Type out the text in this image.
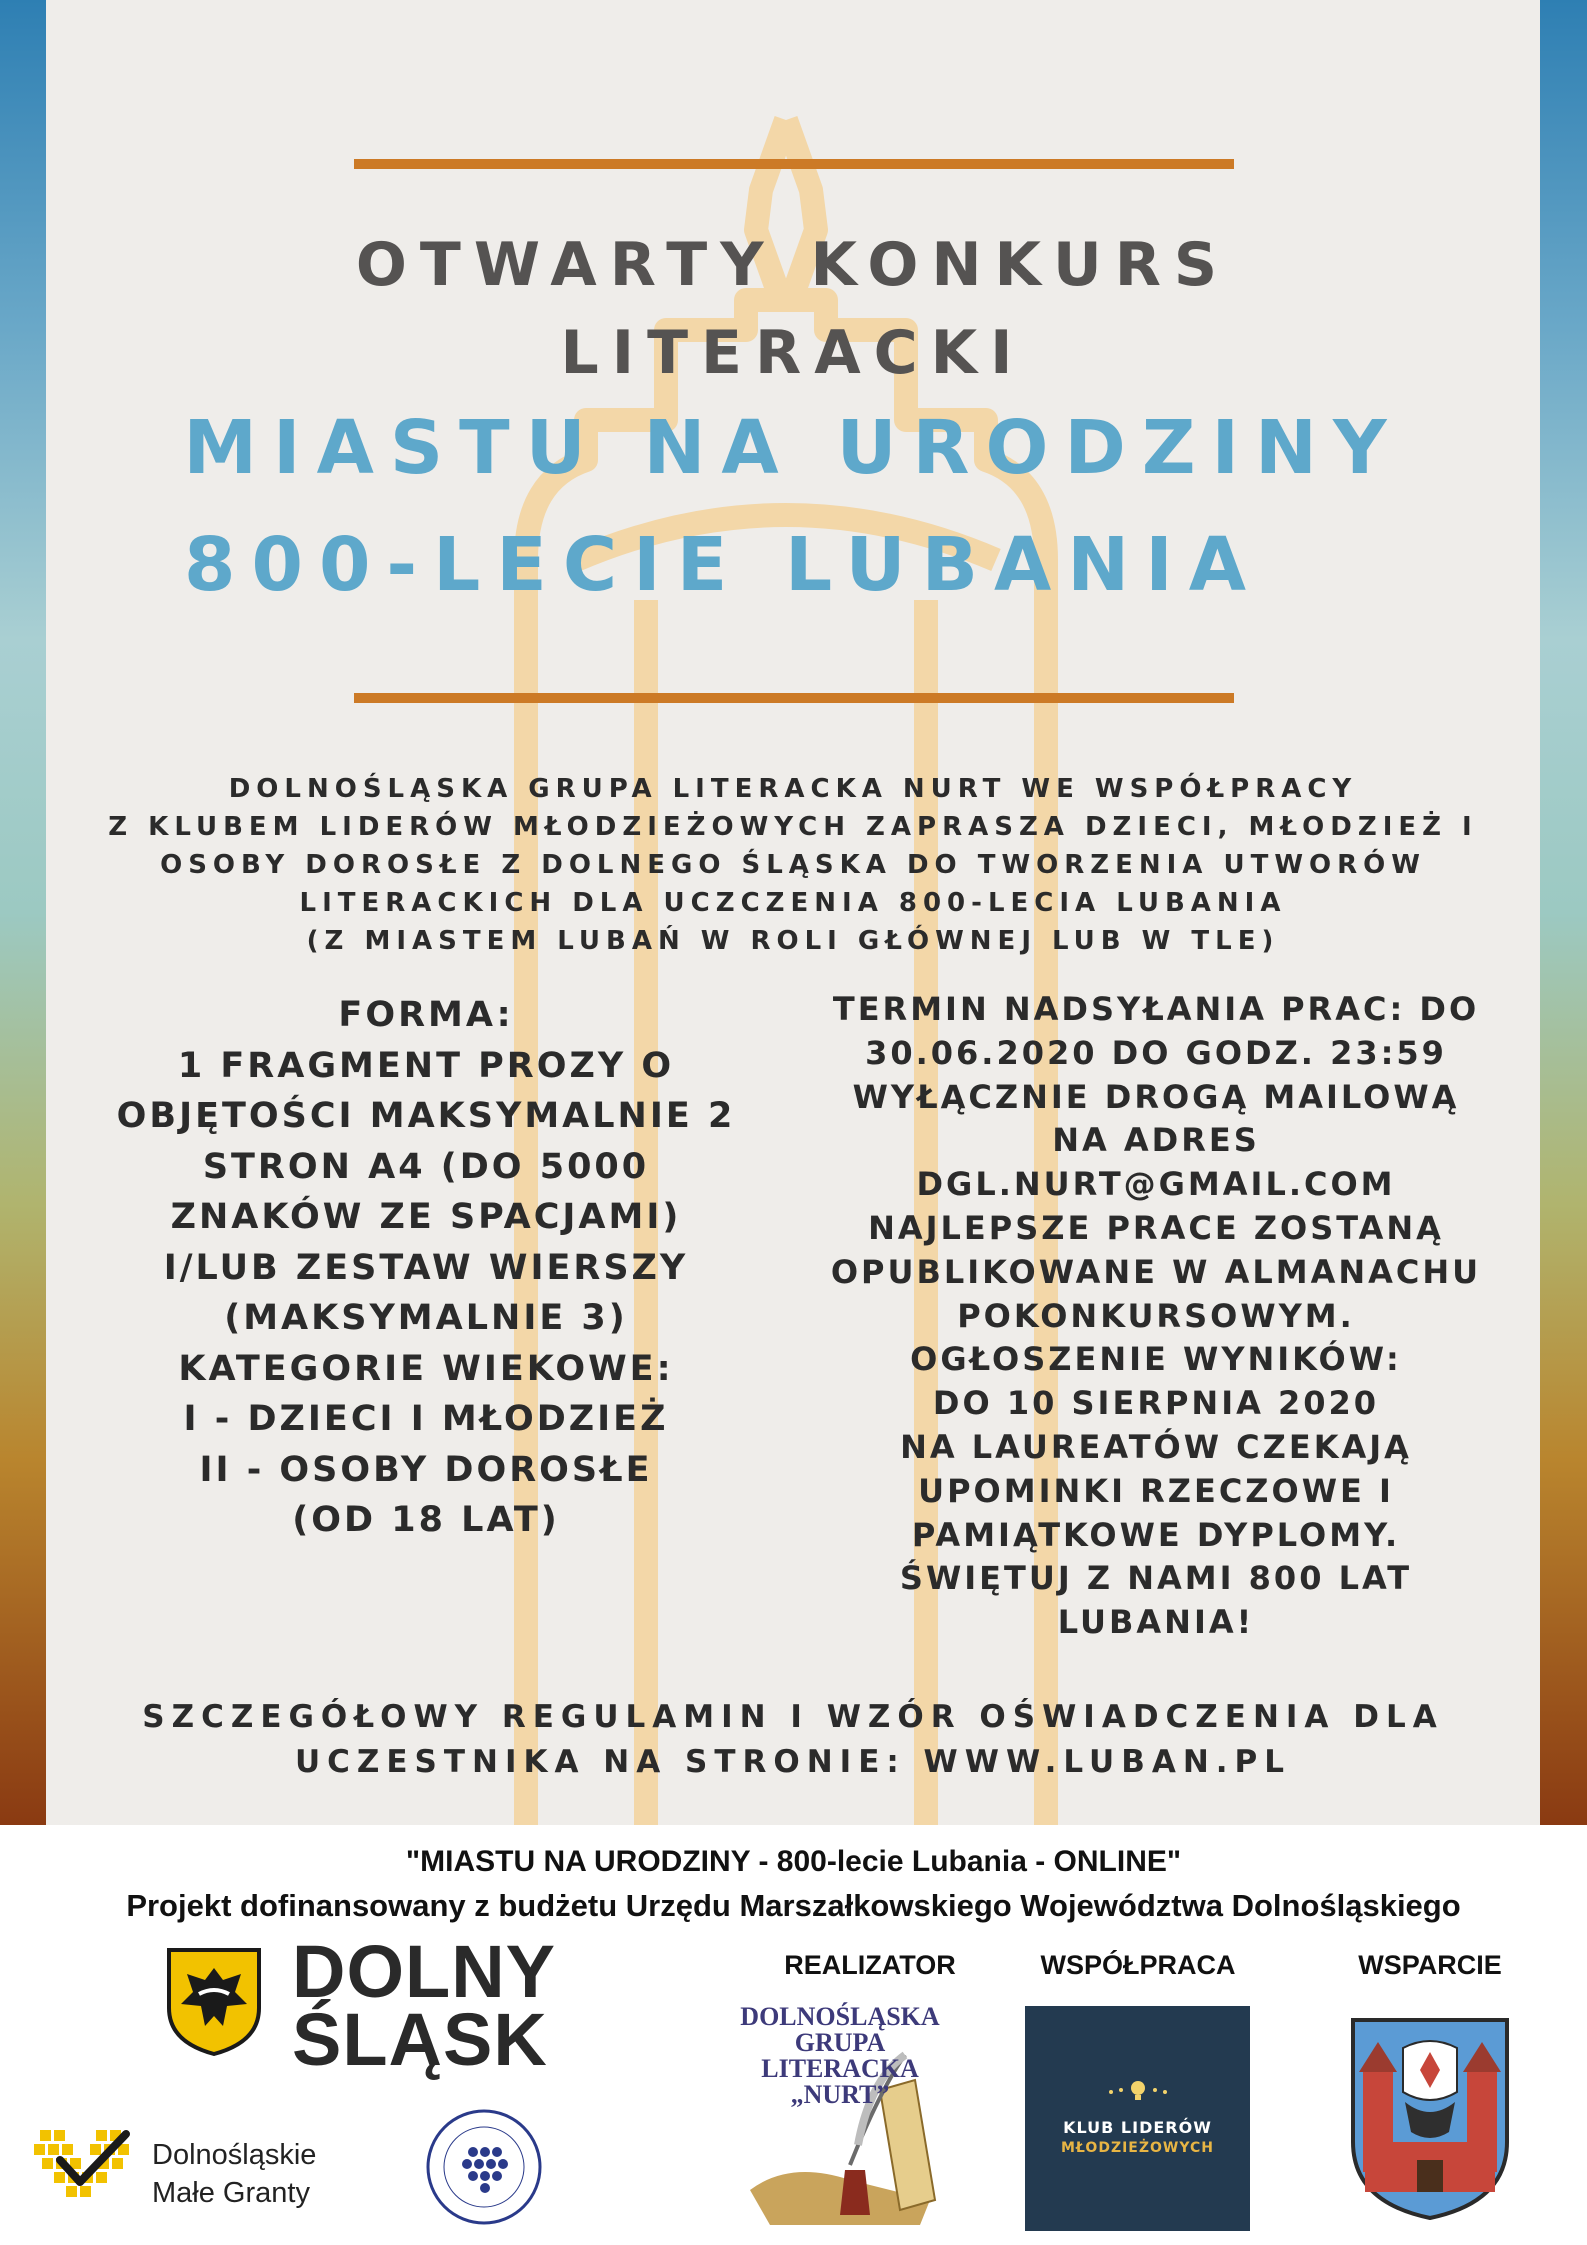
OTWARTY KONKURS

LITERACKI

MIASTU NA URODZINY

800-LECIE LUBANIA

DOLNOŚLĄSKA GRUPA LITERACKA NURT WE WSPÓŁPRACY
Z KLUBEM LIDERÓW MŁODZIEŻOWYCH ZAPRASZA DZIECI, MŁODZIEŻ I
OSOBY DOROSŁE Z DOLNEGO ŚLĄSKA DO TWORZENIA UTWORÓW
LITERACKICH DLA UCZCZENIA 800-LECIA LUBANIA
(Z MIASTEM LUBAŃ W ROLI GŁÓWNEJ LUB W TLE)
FORMA:
1 FRAGMENT PROZY O
OBJĘTOŚCI MAKSYMALNIE 2
STRON A4 (DO 5000
ZNAKÓW ZE SPACJAMI)
I/LUB ZESTAW WIERSZY
(MAKSYMALNIE 3)
KATEGORIE WIEKOWE:
I - DZIECI I MŁODZIEŻ
II - OSOBY DOROSŁE
(OD 18 LAT)
TERMIN NADSYŁANIA PRAC: DO
30.06.2020 DO GODZ. 23:59
WYŁĄCZNIE DROGĄ MAILOWĄ
NA ADRES
DGL.NURT@GMAIL.COM
NAJLEPSZE PRACE ZOSTANĄ
OPUBLIKOWANE W ALMANACHU
POKONKURSOWYM.
OGŁOSZENIE WYNIKÓW:
DO 10 SIERPNIA 2020
NA LAUREATÓW CZEKAJĄ
UPOMINKI RZECZOWE I
PAMIĄTKOWE DYPLOMY.
ŚWIĘTUJ Z NAMI 800 LAT
LUBANIA!
SZCZEGÓŁOWY REGULAMIN I WZÓR OŚWIADCZENIA DLA
UCZESTNIKA NA STRONIE: WWW.LUBAN.PL
"MIASTU NA URODZINY - 800-lecie Lubania - ONLINE"
Projekt dofinansowany z budżetu Urzędu Marszałkowskiego Województwa Dolnośląskiego
REALIZATOR	WSPÓŁPRACA	WSPARCIE
DOLNY
ŚLĄSK
Dolnośląskie
Małe Granty
DOLNOŚLĄSKA
GRUPA
LITERACKA
„NURT”
KLUB LIDERÓW
MŁODZIEŻOWYCH
